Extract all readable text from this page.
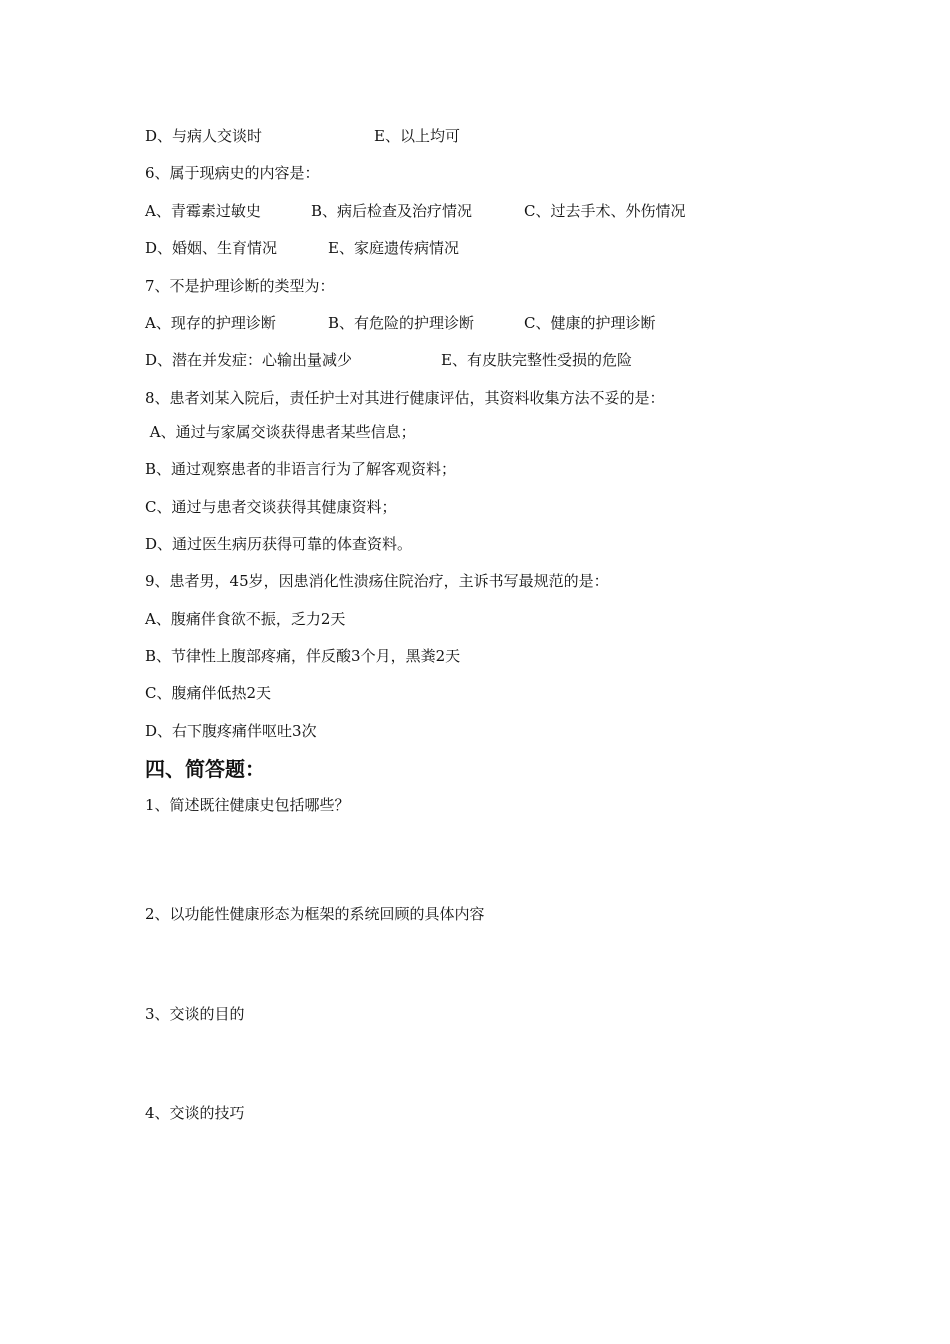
D、与病人交谈时	E、以上均可
6、属于现病史的内容是：
A、青霉素过敏史	B、病后检查及治疗情况	C、过去手术、外伤情况
D、婚姻、生育情况	E、家庭遗传病情况
7、不是护理诊断的类型为：
A、现存的护理诊断	B、有危险的护理诊断	C、健康的护理诊断
D、潜在并发症：心输出量减少	E、有皮肤完整性受损的危险
8、患者刘某入院后，责任护士对其进行健康评估，其资料收集方法不妥的是：
A、通过与家属交谈获得患者某些信息；
B、通过观察患者的非语言行为了解客观资料；
C、通过与患者交谈获得其健康资料；
D、通过医生病历获得可靠的体查资料。
9、患者男，45岁，因患消化性溃疡住院治疗，主诉书写最规范的是：
A、腹痛伴食欲不振，乏力2天
B、节律性上腹部疼痛，伴反酸3个月，黑粪2天
C、腹痛伴低热2天
D、右下腹疼痛伴呕吐3次
四、简答题：
1、简述既往健康史包括哪些？
2、以功能性健康形态为框架的系统回顾的具体内容
3、交谈的目的
4、交谈的技巧
